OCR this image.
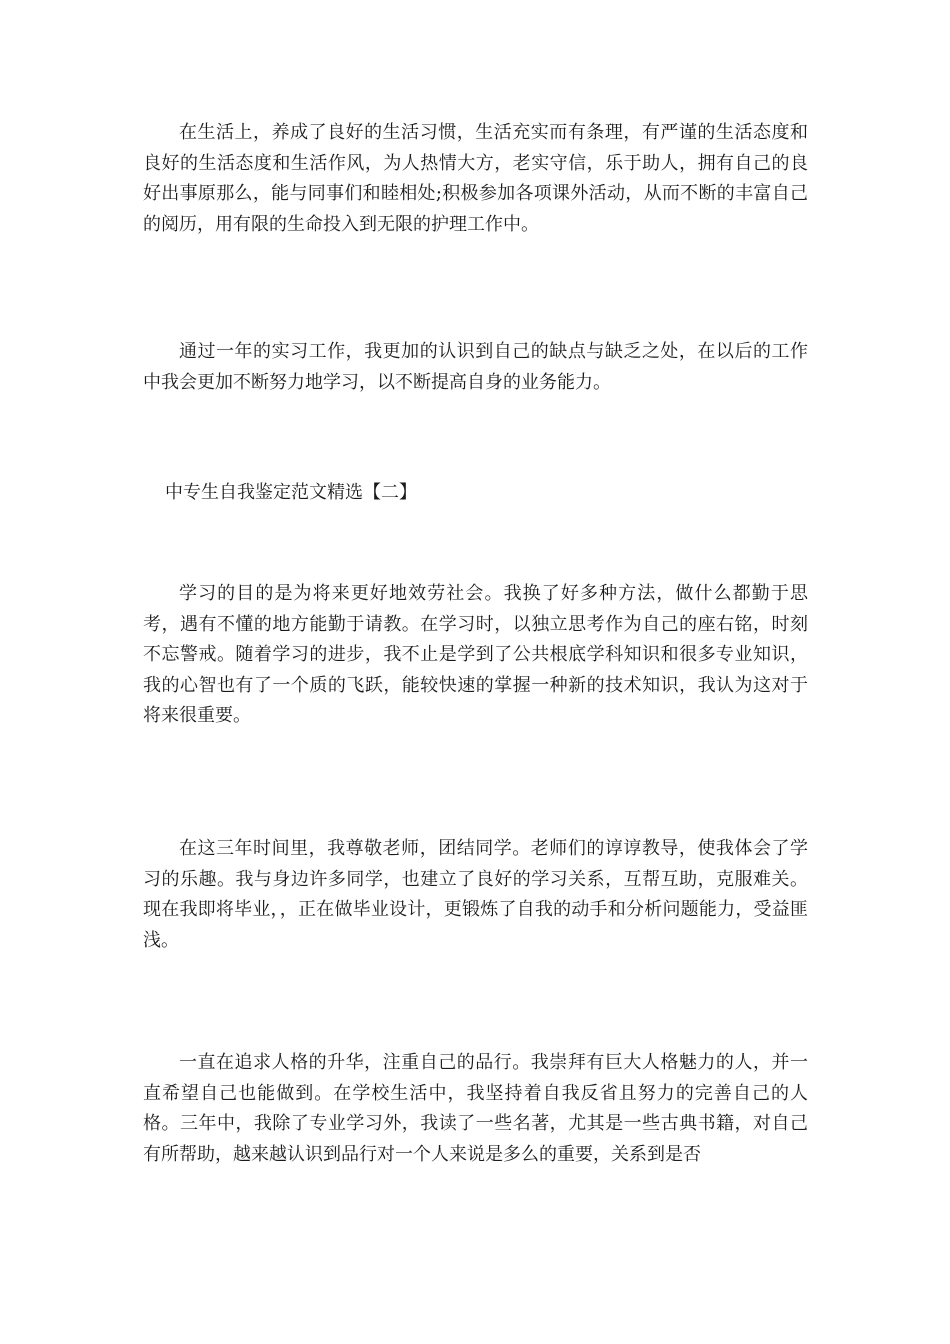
在生活上，养成了良好的生活习惯，生活充实而有条理，有严谨的生活态度和良好的生活态度和生活作风，为人热情大方，老实守信，乐于助人，拥有自己的良好出事原那么，能与同事们和睦相处;积极参加各项课外活动，从而不断的丰富自己的阅历，用有限的生命投入到无限的护理工作中。

通过一年的实习工作，我更加的认识到自己的缺点与缺乏之处，在以后的工作中我会更加不断努力地学习，以不断提高自身的业务能力。

中专生自我鉴定范文精选【二】

学习的目的是为将来更好地效劳社会。我换了好多种方法，做什么都勤于思考，遇有不懂的地方能勤于请教。在学习时，以独立思考作为自己的座右铭，时刻不忘警戒。随着学习的进步，我不止是学到了公共根底学科知识和很多专业知识，我的心智也有了一个质的飞跃，能较快速的掌握一种新的技术知识，我认为这对于将来很重要。

在这三年时间里，我尊敬老师，团结同学。老师们的谆谆教导，使我体会了学习的乐趣。我与身边许多同学，也建立了良好的学习关系，互帮互助，克服难关。现在我即将毕业，，正在做毕业设计，更锻炼了自我的动手和分析问题能力，受益匪浅。

一直在追求人格的升华，注重自己的品行。我崇拜有巨大人格魅力的人，并一直希望自己也能做到。在学校生活中，我坚持着自我反省且努力的完善自己的人格。三年中，我除了专业学习外，我读了一些名著，尤其是一些古典书籍，对自己有所帮助，越来越认识到品行对一个人来说是多么的重要，关系到是否
